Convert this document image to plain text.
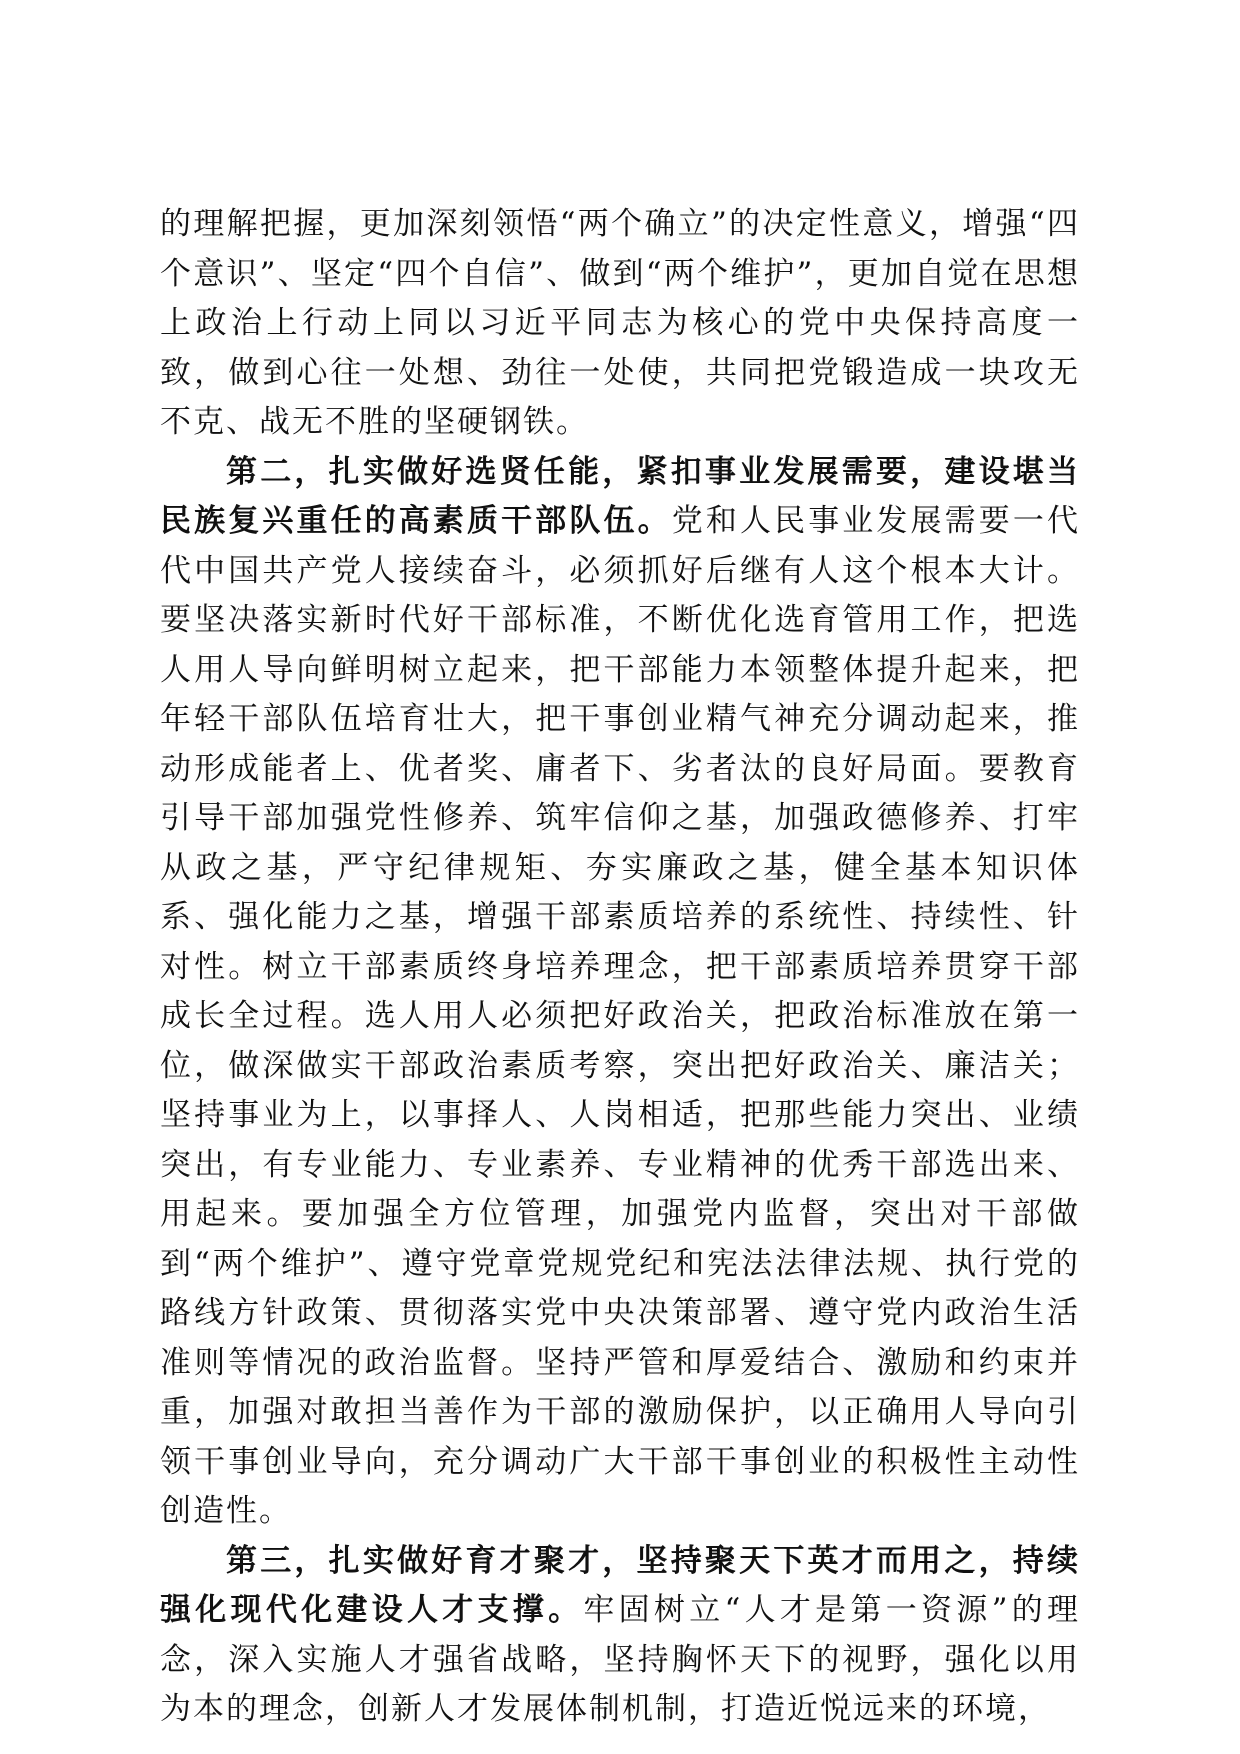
的理解把握，更加深刻领悟“两个确立”的决定性意义，增强“四个意识”、坚定“四个自信”、做到“两个维护”，更加自觉在思想上政治上行动上同以习近平同志为核心的党中央保持高度一致，做到心往一处想、劲往一处使，共同把党锻造成一块攻无不克、战无不胜的坚硬钢铁。

第二，扎实做好选贤任能，紧扣事业发展需要，建设堪当民族复兴重任的高素质干部队伍。党和人民事业发展需要一代代中国共产党人接续奋斗，必须抓好后继有人这个根本大计。要坚决落实新时代好干部标准，不断优化选育管用工作，把选人用人导向鲜明树立起来，把干部能力本领整体提升起来，把年轻干部队伍培育壮大，把干事创业精气神充分调动起来，推动形成能者上、优者奖、庸者下、劣者汰的良好局面。要教育引导干部加强党性修养、筑牢信仰之基，加强政德修养、打牢从政之基，严守纪律规矩、夯实廉政之基，健全基本知识体系、强化能力之基，增强干部素质培养的系统性、持续性、针对性。树立干部素质终身培养理念，把干部素质培养贯穿干部成长全过程。选人用人必须把好政治关，把政治标准放在第一位，做深做实干部政治素质考察，突出把好政治关、廉洁关；坚持事业为上，以事择人、人岗相适，把那些能力突出、业绩突出，有专业能力、专业素养、专业精神的优秀干部选出来、用起来。要加强全方位管理，加强党内监督，突出对干部做到“两个维护”、遵守党章党规党纪和宪法法律法规、执行党的路线方针政策、贯彻落实党中央决策部署、遵守党内政治生活准则等情况的政治监督。坚持严管和厚爱结合、激励和约束并重，加强对敢担当善作为干部的激励保护，以正确用人导向引领干事创业导向，充分调动广大干部干事创业的积极性主动性创造性。

第三，扎实做好育才聚才，坚持聚天下英才而用之，持续强化现代化建设人才支撑。牢固树立“人才是第一资源”的理念，深入实施人才强省战略，坚持胸怀天下的视野，强化以用为本的理念，创新人才发展体制机制，打造近悦远来的环境，
